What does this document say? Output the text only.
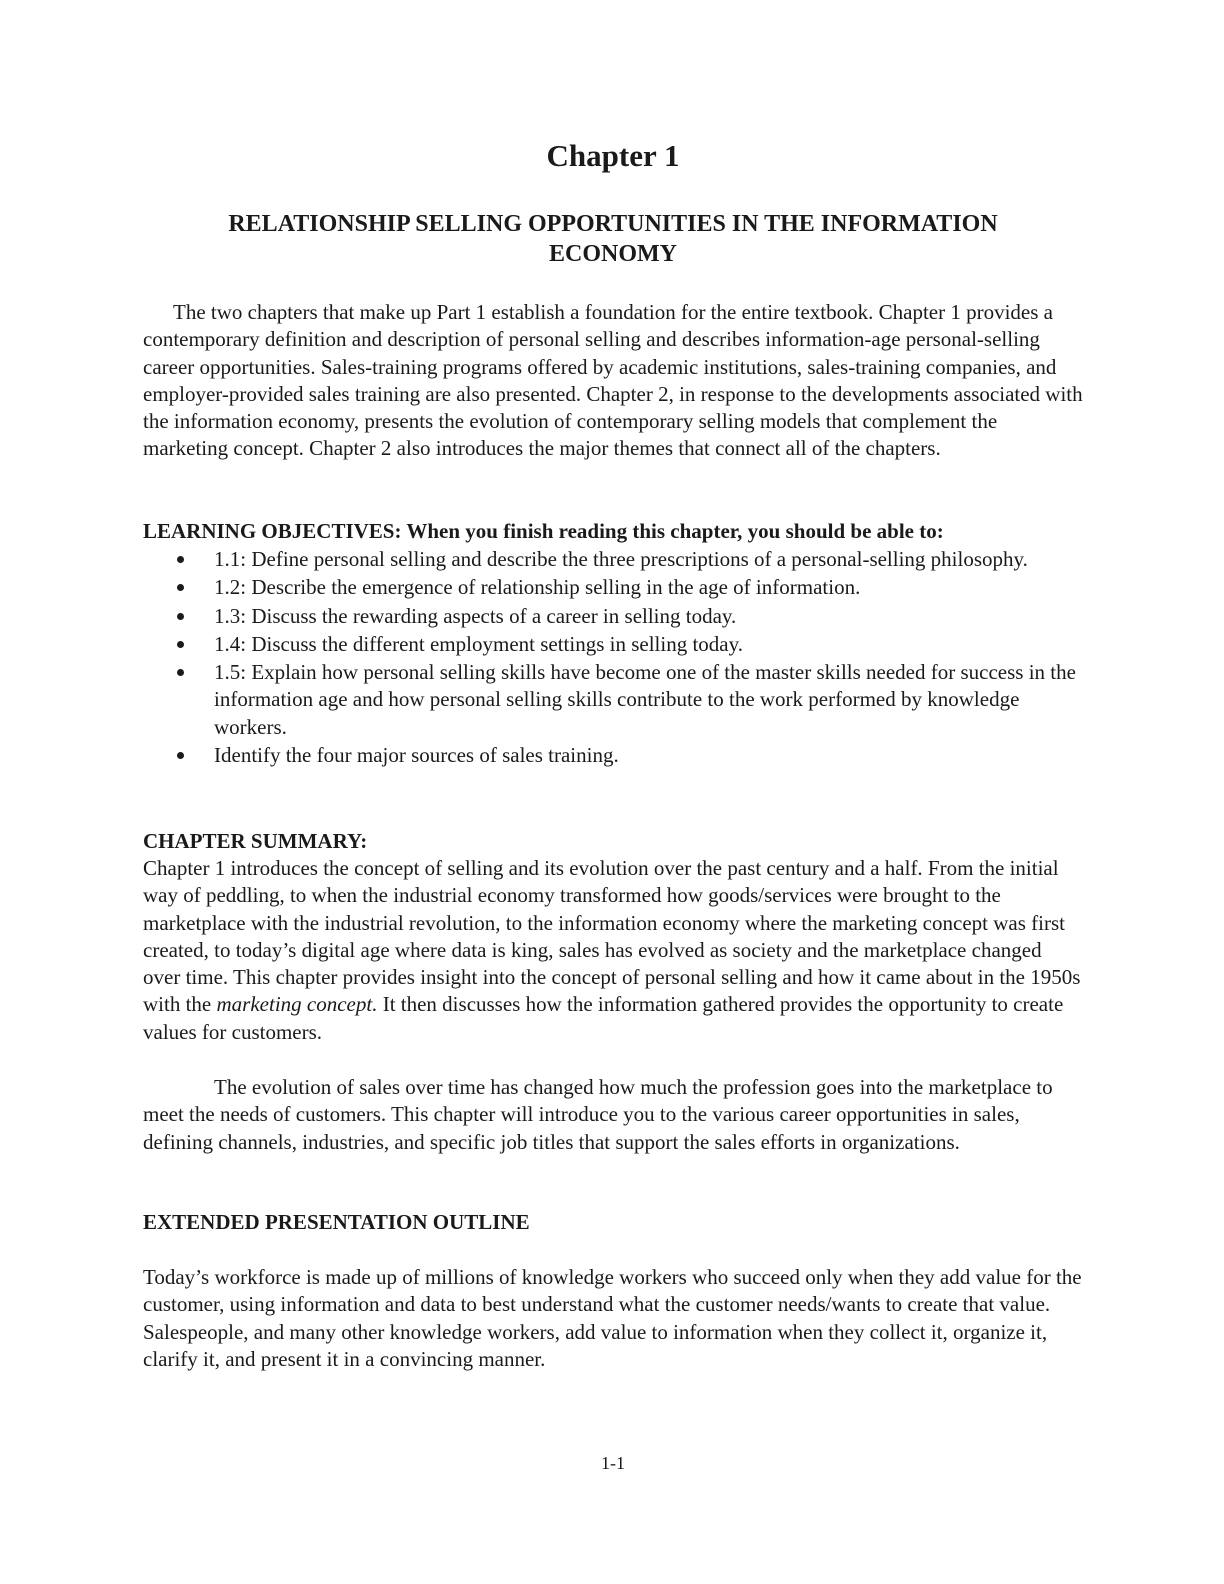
Chapter 1
RELATIONSHIP SELLING OPPORTUNITIES IN THE INFORMATION
ECONOMY

The two chapters that make up Part 1 establish a foundation for the entire textbook. Chapter 1 provides a contemporary definition and description of personal selling and describes information-age personal-selling career opportunities. Sales-training programs offered by academic institutions, sales-training companies, and employer-provided sales training are also presented. Chapter 2, in response to the developments associated with the information economy, presents the evolution of contemporary selling models that complement the marketing concept. Chapter 2 also introduces the major themes that connect all of the chapters.

LEARNING OBJECTIVES: When you finish reading this chapter, you should be able to:

1.1: Define personal selling and describe the three prescriptions of a personal-selling philosophy.
1.2: Describe the emergence of relationship selling in the age of information.
1.3: Discuss the rewarding aspects of a career in selling today.
1.4: Discuss the different employment settings in selling today.
1.5: Explain how personal selling skills have become one of the master skills needed for success in the information age and how personal selling skills contribute to the work performed by knowledge workers.
Identify the four major sources of sales training.

CHAPTER SUMMARY:

Chapter 1 introduces the concept of selling and its evolution over the past century and a half. From the initial way of peddling, to when the industrial economy transformed how goods/services were brought to the marketplace with the industrial revolution, to the information economy where the marketing concept was first created, to today’s digital age where data is king, sales has evolved as society and the marketplace changed over time. This chapter provides insight into the concept of personal selling and how it came about in the 1950s with the marketing concept. It then discusses how the information gathered provides the opportunity to create values for customers.

The evolution of sales over time has changed how much the profession goes into the marketplace to meet the needs of customers. This chapter will introduce you to the various career opportunities in sales, defining channels, industries, and specific job titles that support the sales efforts in organizations.

EXTENDED PRESENTATION OUTLINE

Today’s workforce is made up of millions of knowledge workers who succeed only when they add value for the customer, using information and data to best understand what the customer needs/wants to create that value. Salespeople, and many other knowledge workers, add value to information when they collect it, organize it, clarify it, and present it in a convincing manner.

1-1
